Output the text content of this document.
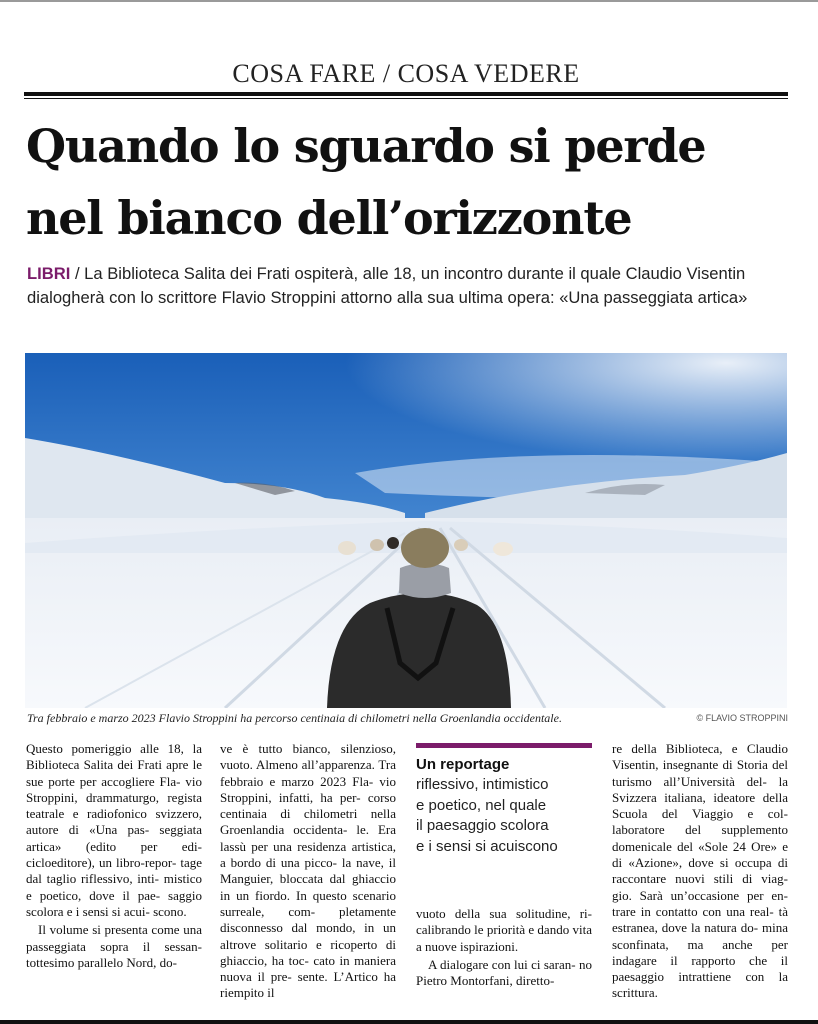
COSA FARE / COSA VEDERE
Quando lo sguardo si perde
nel bianco dell’orizzonte
LIBRI / La Biblioteca Salita dei Frati ospiterà, alle 18, un incontro durante il quale Claudio Visentin
dialogherà con lo scrittore Flavio Stroppini attorno alla sua ultima opera: «Una passeggiata artica»
Tra febbraio e marzo 2023 Flavio Stroppini ha percorso centinaia di chilometri nella Groenlandia occidentale.	© FLAVIO STROPPINI

Questo pomeriggio alle 18, la Biblioteca Salita dei Frati apre le sue porte per accogliere Fla- vio Stroppini, drammaturgo, regista teatrale e radiofonico svizzero, autore di «Una pas- seggiata artica» (edito per edi- cicloeditore), un libro-repor- tage dal taglio riflessivo, inti- mistico e poetico, dove il pae- saggio scolora e i sensi si acui- scono.

Il volume si presenta come una passeggiata sopra il sessan- tottesimo parallelo Nord, do-

ve è tutto bianco, silenzioso, vuoto. Almeno all’apparenza. Tra febbraio e marzo 2023 Fla- vio Stroppini, infatti, ha per- corso centinaia di chilometri nella Groenlandia occidenta- le. Era lassù per una residenza artistica, a bordo di una picco- la nave, il Manguier, bloccata dal ghiaccio in un fiordo. In questo scenario surreale, com- pletamente disconnesso dal mondo, in un altrove solitario e ricoperto di ghiaccio, ha toc- cato in maniera nuova il pre- sente. L’Artico ha riempito il

Un reportage
riflessivo, intimistico
e poetico, nel quale
il paesaggio scolora
e i sensi si acuiscono

vuoto della sua solitudine, ri- calibrando le priorità e dando vita a nuove ispirazioni.

A dialogare con lui ci saran- no Pietro Montorfani, diretto-

re della Biblioteca, e Claudio Visentin, insegnante di Storia del turismo all’Università del- la Svizzera italiana, ideatore della Scuola del Viaggio e col- laboratore del supplemento domenicale del «Sole 24 Ore» e di «Azione», dove si occupa di raccontare nuovi stili di viag- gio. Sarà un’occasione per en- trare in contatto con una real- tà estranea, dove la natura do- mina sconfinata, ma anche per indagare il rapporto che il paesaggio intrattiene con la scrittura.
